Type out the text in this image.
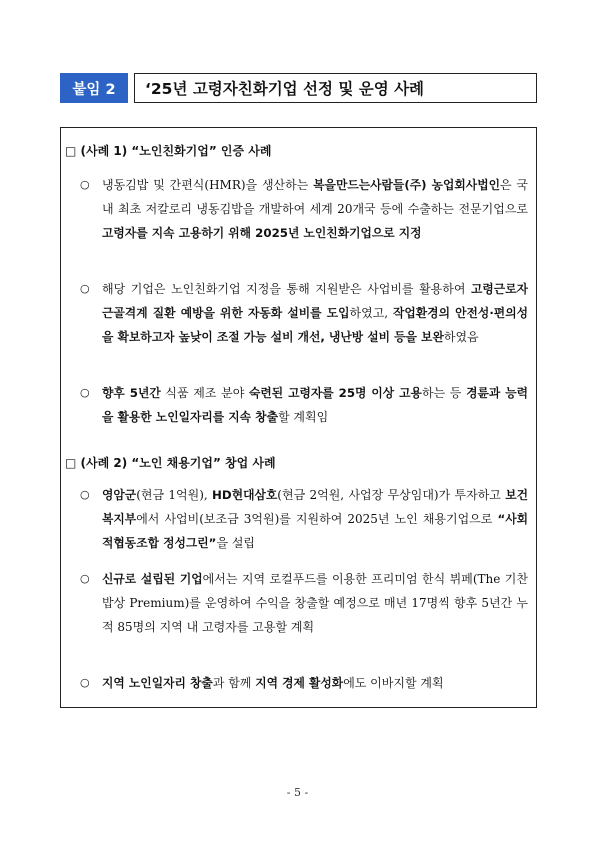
붙임 2	‘25년 고령자친화기업 선정 및 운영 사례
□ (사례 1) “노인친화기업” 인증 사례
○ 냉동김밥 및 간편식(HMR)을 생산하는 복을만드는사람들(주) 농업회사법인은 국내 최초 저칼로리 냉동김밥을 개발하여 세계 20개국 등에 수출하는 전문기업으로 고령자를 지속 고용하기 위해 2025년 노인친화기업으로 지정
○ 해당 기업은 노인친화기업 지정을 통해 지원받은 사업비를 활용하여 고령근로자 근골격계 질환 예방을 위한 자동화 설비를 도입하였고, 작업환경의 안전성·편의성을 확보하고자 높낮이 조절 가능 설비 개선, 냉난방 설비 등을 보완하였음
○ 향후 5년간 식품 제조 분야 숙련된 고령자를 25명 이상 고용하는 등 경륜과 능력을 활용한 노인일자리를 지속 창출할 계획임
□ (사례 2) “노인 채용기업” 창업 사례
○ 영암군(현금 1억원), HD현대삼호(현금 2억원, 사업장 무상임대)가 투자하고 보건복지부에서 사업비(보조금 3억원)를 지원하여 2025년 노인 채용기업으로 “사회적협동조합 정성그린”을 설립
○ 신규로 설립된 기업에서는 지역 로컬푸드를 이용한 프리미엄 한식 뷔페(The 기찬밥상 Premium)를 운영하여 수익을 창출할 예정으로 매년 17명씩 향후 5년간 누적 85명의 지역 내 고령자를 고용할 계획
○ 지역 노인일자리 창출과 함께 지역 경제 활성화에도 이바지할 계획
- 5 -
